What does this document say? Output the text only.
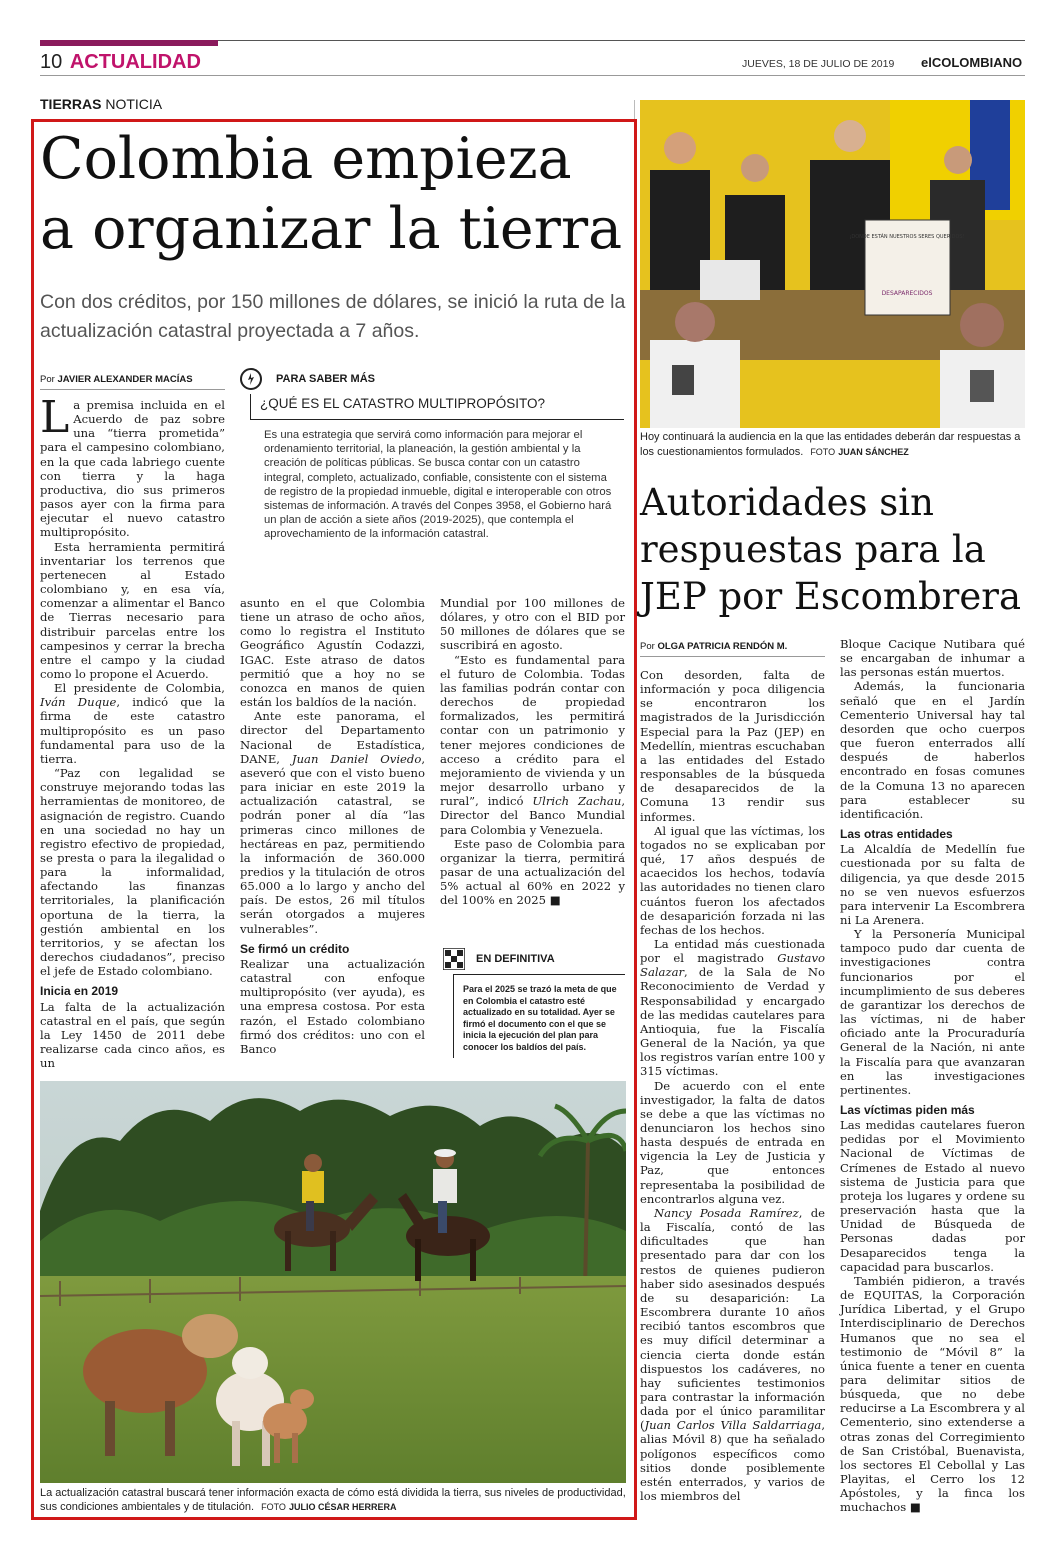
10 ACTUALIDAD	JUEVES, 18 DE JULIO DE 2019 elCOLOMBIANO
TIERRAS NOTICIA
Colombia empieza
a organizar la tierra
Con dos créditos, por 150 millones de dólares, se inició la ruta de la actualización catastral proyectada a 7 años.
Por JAVIER ALEXANDER MACÍAS

La premisa incluida en el Acuerdo de paz sobre una “tierra prometida” para el campesino colombiano, en la que cada labriego cuente con tierra y la haga productiva, dio sus primeros pasos ayer con la firma para ejecutar el nuevo catastro multipropósito.

Esta herramienta permitirá inventariar los terrenos que pertenecen al Estado colombiano y, en esa vía, comenzar a alimentar el Banco de Tierras necesario para distribuir parcelas entre los campesinos y cerrar la brecha entre el campo y la ciudad como lo propone el Acuerdo.

El presidente de Colombia, Iván Duque, indicó que la firma de este catastro multipropósito es un paso fundamental para uso de la tierra.

“Paz con legalidad se construye mejorando todas las herramientas de monitoreo, de asignación de registro. Cuando en una sociedad no hay un registro efectivo de propiedad, se presta o para la ilegalidad o para la informalidad, afectando las finanzas territoriales, la planificación oportuna de la tierra, la gestión ambiental en los territorios, y se afectan los derechos ciudadanos”, preciso el jefe de Estado colombiano.

Inicia en 2019

La falta de la actualización catastral en el país, que según la Ley 1450 de 2011 debe realizarse cada cinco años, es un

PARA SABER MÁS
¿QUÉ ES EL CATASTRO MULTIPROPÓSITO?
Es una estrategia que servirá como información para mejorar el ordenamiento territorial, la planeación, la gestión ambiental y la creación de políticas públicas. Se busca contar con un catastro integral, completo, actualizado, confiable, consistente con el sistema de registro de la propiedad inmueble, digital e interoperable con otros sistemas de información. A través del Conpes 3958, el Gobierno hará un plan de acción a siete años (2019-2025), que contempla el aprovechamiento de la información catastral.

asunto en el que Colombia tiene un atraso de ocho años, como lo registra el Instituto Geográfico Agustín Codazzi, IGAC. Este atraso de datos permitió que a hoy no se conozca en manos de quien están los baldíos de la nación.

Ante este panorama, el director del Departamento Nacional de Estadística, DANE, Juan Daniel Oviedo, aseveró que con el visto bueno para iniciar en este 2019 la actualización catastral, se podrán poner al día “las primeras cinco millones de hectáreas en paz, permitiendo la información de 360.000 predios y la titulación de otros 65.000 a lo largo y ancho del país. De estos, 26 mil títulos serán otorgados a mujeres vulnerables”.

Se firmó un crédito

Realizar una actualización catastral con enfoque multipropósito (ver ayuda), es una empresa costosa. Por esta razón, el Estado colombiano firmó dos créditos: uno con el Banco

Mundial por 100 millones de dólares, y otro con el BID por 50 millones de dólares que se suscribirá en agosto.

“Esto es fundamental para el futuro de Colombia. Todas las familias podrán contar con derechos de propiedad formalizados, les permitirá contar con un patrimonio y tener mejores condiciones de acceso a crédito para el mejoramiento de vivienda y un mejor desarrollo urbano y rural”, indicó Ulrich Zachau, Director del Banco Mundial para Colombia y Venezuela.

Este paso de Colombia para organizar la tierra, permitirá pasar de una actualización del 5% actual al 60% en 2022 y del 100% en 2025 ■

EN DEFINITIVA
Para el 2025 se trazó la meta de que en Colombia el catastro esté actualizado en su totalidad. Ayer se firmó el documento con el que se inicia la ejecución del plan para conocer los baldíos del país.
La actualización catastral buscará tener información exacta de cómo está dividida la tierra, sus niveles de productividad, sus condiciones ambientales y de titulación. FOTO JULIO CÉSAR HERRERA
¡DONDE ESTÁN NUESTROS SERES QUERIDOS!
DESAPARECIDOS
Hoy continuará la audiencia en la que las entidades deberán dar respuestas a los cuestionamientos formulados. FOTO JUAN SÁNCHEZ
Autoridades sin
respuestas para la
JEP por Escombrera
Por OLGA PATRICIA RENDÓN M.

Con desorden, falta de información y poca diligencia se encontraron los magistrados de la Jurisdicción Especial para la Paz (JEP) en Medellín, mientras escuchaban a las entidades del Estado responsables de la búsqueda de desaparecidos de la Comuna 13 rendir sus informes.

Al igual que las víctimas, los togados no se explicaban por qué, 17 años después de acaecidos los hechos, todavía las autoridades no tienen claro cuántos fueron los afectados de desaparición forzada ni las fechas de los hechos.

La entidad más cuestionada por el magistrado Gustavo Salazar, de la Sala de No Reconocimiento de Verdad y Responsabilidad y encargado de las medidas cautelares para Antioquia, fue la Fiscalía General de la Nación, ya que los registros varían entre 100 y 315 víctimas.

De acuerdo con el ente investigador, la falta de datos se debe a que las víctimas no denunciaron los hechos sino hasta después de entrada en vigencia la Ley de Justicia y Paz, que entonces representaba la posibilidad de encontrarlos alguna vez.

Nancy Posada Ramírez, de la Fiscalía, contó de las dificultades que han presentado para dar con los restos de quienes pudieron haber sido asesinados después de su desaparición: La Escombrera durante 10 años recibió tantos escombros que es muy difícil determinar a ciencia cierta donde están dispuestos los cadáveres, no hay suficientes testimonios para contrastar la información dada por el único paramilitar (Juan Carlos Villa Saldarriaga, alias Móvil 8) que ha señalado polígonos específicos como sitios donde posiblemente estén enterrados, y varios de los miembros del

Bloque Cacique Nutibara qué se encargaban de inhumar a las personas están muertos.

Además, la funcionaria señaló que en el Jardín Cementerio Universal hay tal desorden que ocho cuerpos que fueron enterrados allí después de haberlos encontrado en fosas comunes de la Comuna 13 no aparecen para establecer su identificación.

Las otras entidades

La Alcaldía de Medellín fue cuestionada por su falta de diligencia, ya que desde 2015 no se ven nuevos esfuerzos para intervenir La Escombrera ni La Arenera.

Y la Personería Municipal tampoco pudo dar cuenta de investigaciones contra funcionarios por el incumplimiento de sus deberes de garantizar los derechos de las víctimas, ni de haber oficiado ante la Procuraduría General de la Nación, ni ante la Fiscalía para que avanzaran en las investigaciones pertinentes.

Las víctimas piden más

Las medidas cautelares fueron pedidas por el Movimiento Nacional de Víctimas de Crímenes de Estado al nuevo sistema de Justicia para que proteja los lugares y ordene su preservación hasta que la Unidad de Búsqueda de Personas dadas por Desaparecidos tenga la capacidad para buscarlos.

También pidieron, a través de EQUITAS, la Corporación Jurídica Libertad, y el Grupo Interdisciplinario de Derechos Humanos que no sea el testimonio de “Móvil 8” la única fuente a tener en cuenta para delimitar sitios de búsqueda, que no debe reducirse a La Escombrera y al Cementerio, sino extenderse a otras zonas del Corregimiento de San Cristóbal, Buenavista, los sectores El Cebollal y Las Playitas, el Cerro los 12 Apóstoles, y la finca los muchachos ■
